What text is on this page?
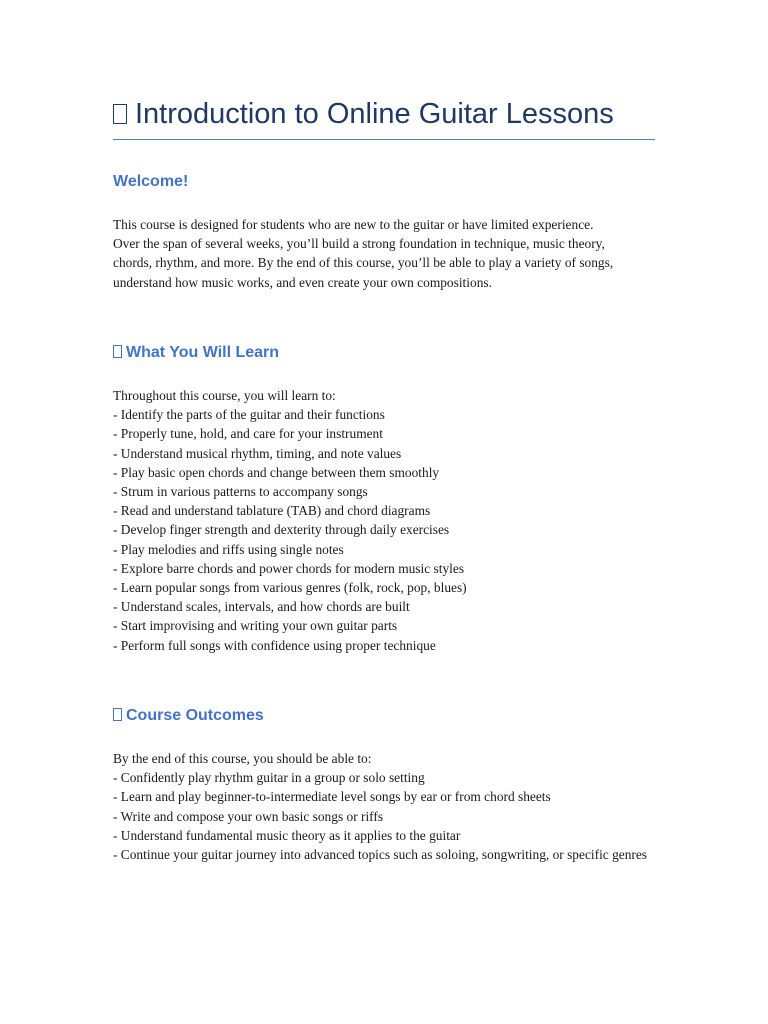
Introduction to Online Guitar Lessons
Welcome!
This course is designed for students who are new to the guitar or have limited experience.
Over the span of several weeks, you’ll build a strong foundation in technique, music theory,
chords, rhythm, and more. By the end of this course, you’ll be able to play a variety of songs,
understand how music works, and even create your own compositions.
What You Will Learn
Throughout this course, you will learn to:
- Identify the parts of the guitar and their functions
- Properly tune, hold, and care for your instrument
- Understand musical rhythm, timing, and note values
- Play basic open chords and change between them smoothly
- Strum in various patterns to accompany songs
- Read and understand tablature (TAB) and chord diagrams
- Develop finger strength and dexterity through daily exercises
- Play melodies and riffs using single notes
- Explore barre chords and power chords for modern music styles
- Learn popular songs from various genres (folk, rock, pop, blues)
- Understand scales, intervals, and how chords are built
- Start improvising and writing your own guitar parts
- Perform full songs with confidence using proper technique
Course Outcomes
By the end of this course, you should be able to:
- Confidently play rhythm guitar in a group or solo setting
- Learn and play beginner-to-intermediate level songs by ear or from chord sheets
- Write and compose your own basic songs or riffs
- Understand fundamental music theory as it applies to the guitar
- Continue your guitar journey into advanced topics such as soloing, songwriting, or specific genres
